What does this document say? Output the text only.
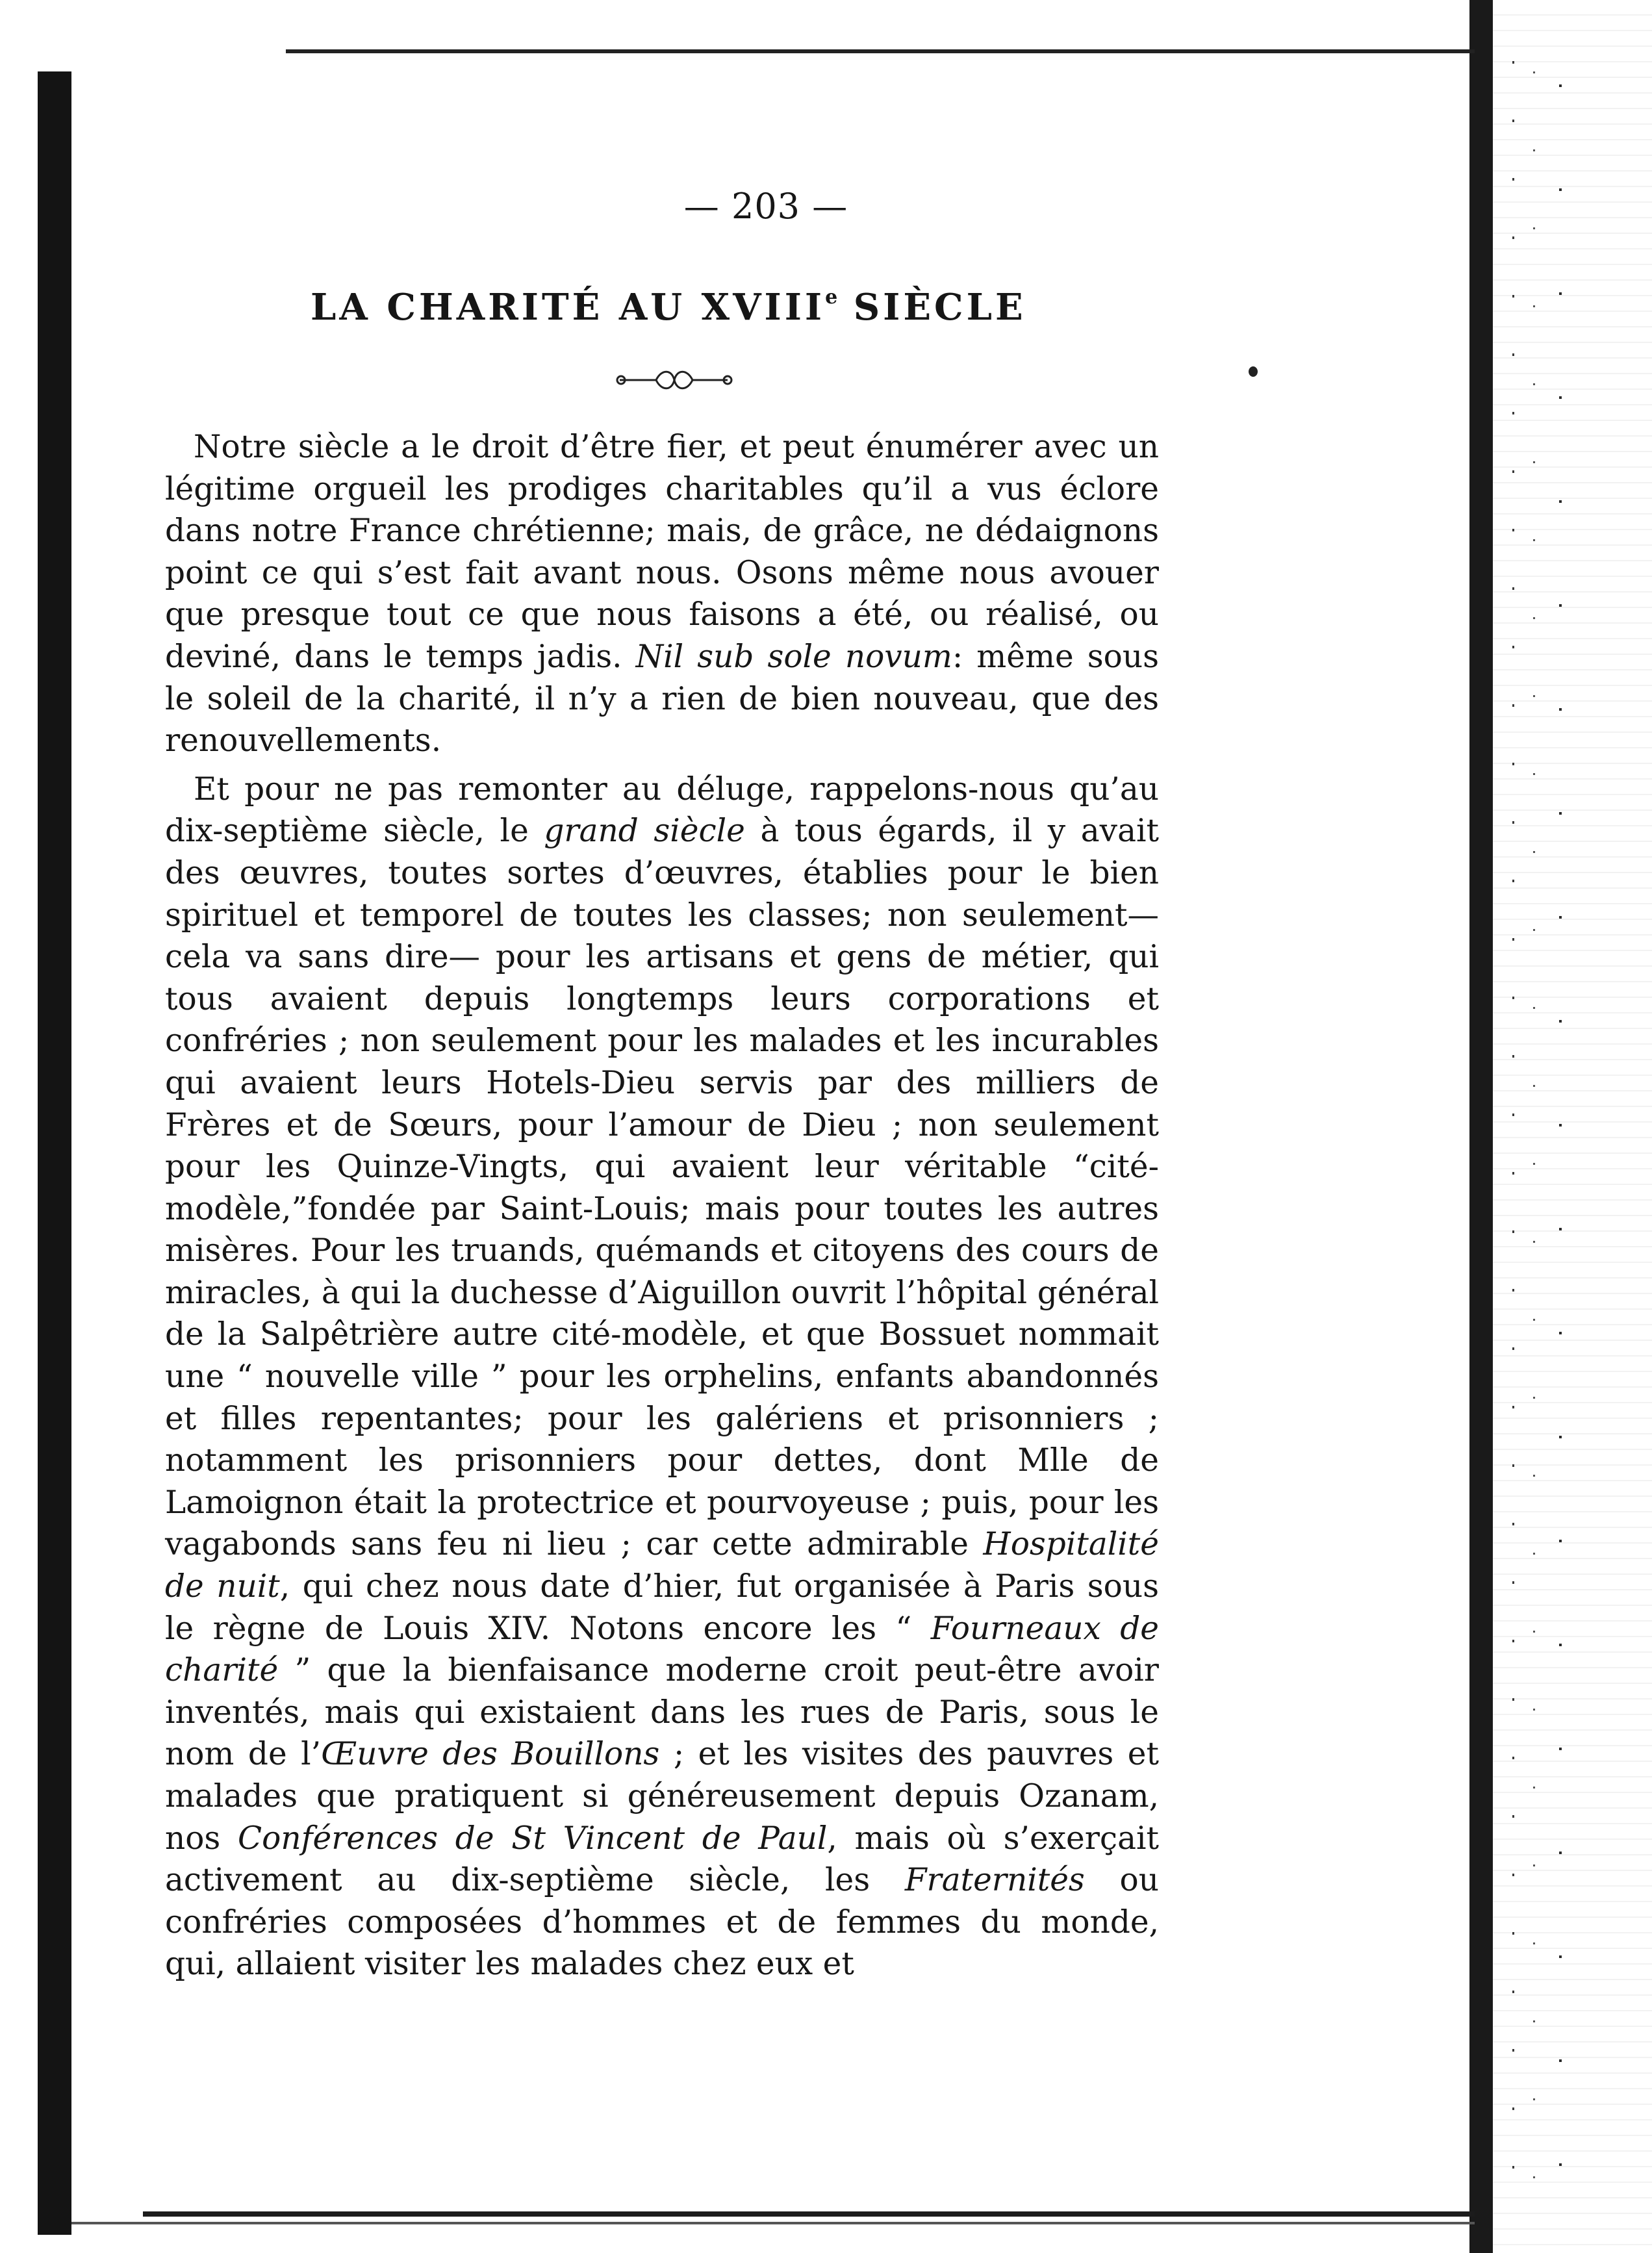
— 203 —
LA CHARITÉ AU XVIIIe SIÈCLE

Notre siècle a le droit d’être fier, et peut énumérer avec un légitime orgueil les prodiges charitables qu’il a vus éclore dans notre France chrétienne; mais, de grâce, ne dédaignons point ce qui s’est fait avant nous. Osons même nous avouer que presque tout ce que nous faisons a été, ou réalisé, ou deviné, dans le temps jadis. Nil sub sole novum: même sous le soleil de la charité, il n’y a rien de bien nouveau, que des renouvellements.

Et pour ne pas remonter au déluge, rappelons-nous qu’au dix-septième siècle, le grand siècle à tous égards, il y avait des œuvres, toutes sortes d’œuvres, établies pour le bien spirituel et temporel de toutes les classes; non seulement— cela va sans dire— pour les artisans et gens de métier, qui tous avaient depuis longtemps leurs corporations et confréries ; non seulement pour les malades et les incurables qui avaient leurs Hotels-Dieu servis par des milliers de Frères et de Sœurs, pour l’amour de Dieu ; non seulement pour les Quinze-Vingts, qui avaient leur véritable “cité-modèle,”fondée par Saint-Louis; mais pour toutes les autres misères. Pour les truands, quémands et citoyens des cours de miracles, à qui la duchesse d’Aiguillon ouvrit l’hôpital général de la Salpêtrière autre cité-modèle, et que Bossuet nommait une “ nouvelle ville ” pour les orphelins, enfants abandonnés et filles repentantes; pour les galériens et prisonniers ; notamment les prisonniers pour dettes, dont Mlle de Lamoignon était la protectrice et pourvoyeuse ; puis, pour les vagabonds sans feu ni lieu ; car cette admirable Hospitalité de nuit, qui chez nous date d’hier, fut organisée à Paris sous le règne de Louis XIV. Notons encore les “ Fourneaux de charité ” que la bienfaisance moderne croit peut-être avoir inventés, mais qui existaient dans les rues de Paris, sous le nom de l’Œuvre des Bouillons ; et les visites des pauvres et malades que pratiquent si généreusement depuis Ozanam, nos Conférences de St Vincent de Paul, mais où s’exerçait activement au dix-septième siècle, les Fraternités ou confréries composées d’hommes et de femmes du monde, qui, allaient visiter les malades chez eux et
